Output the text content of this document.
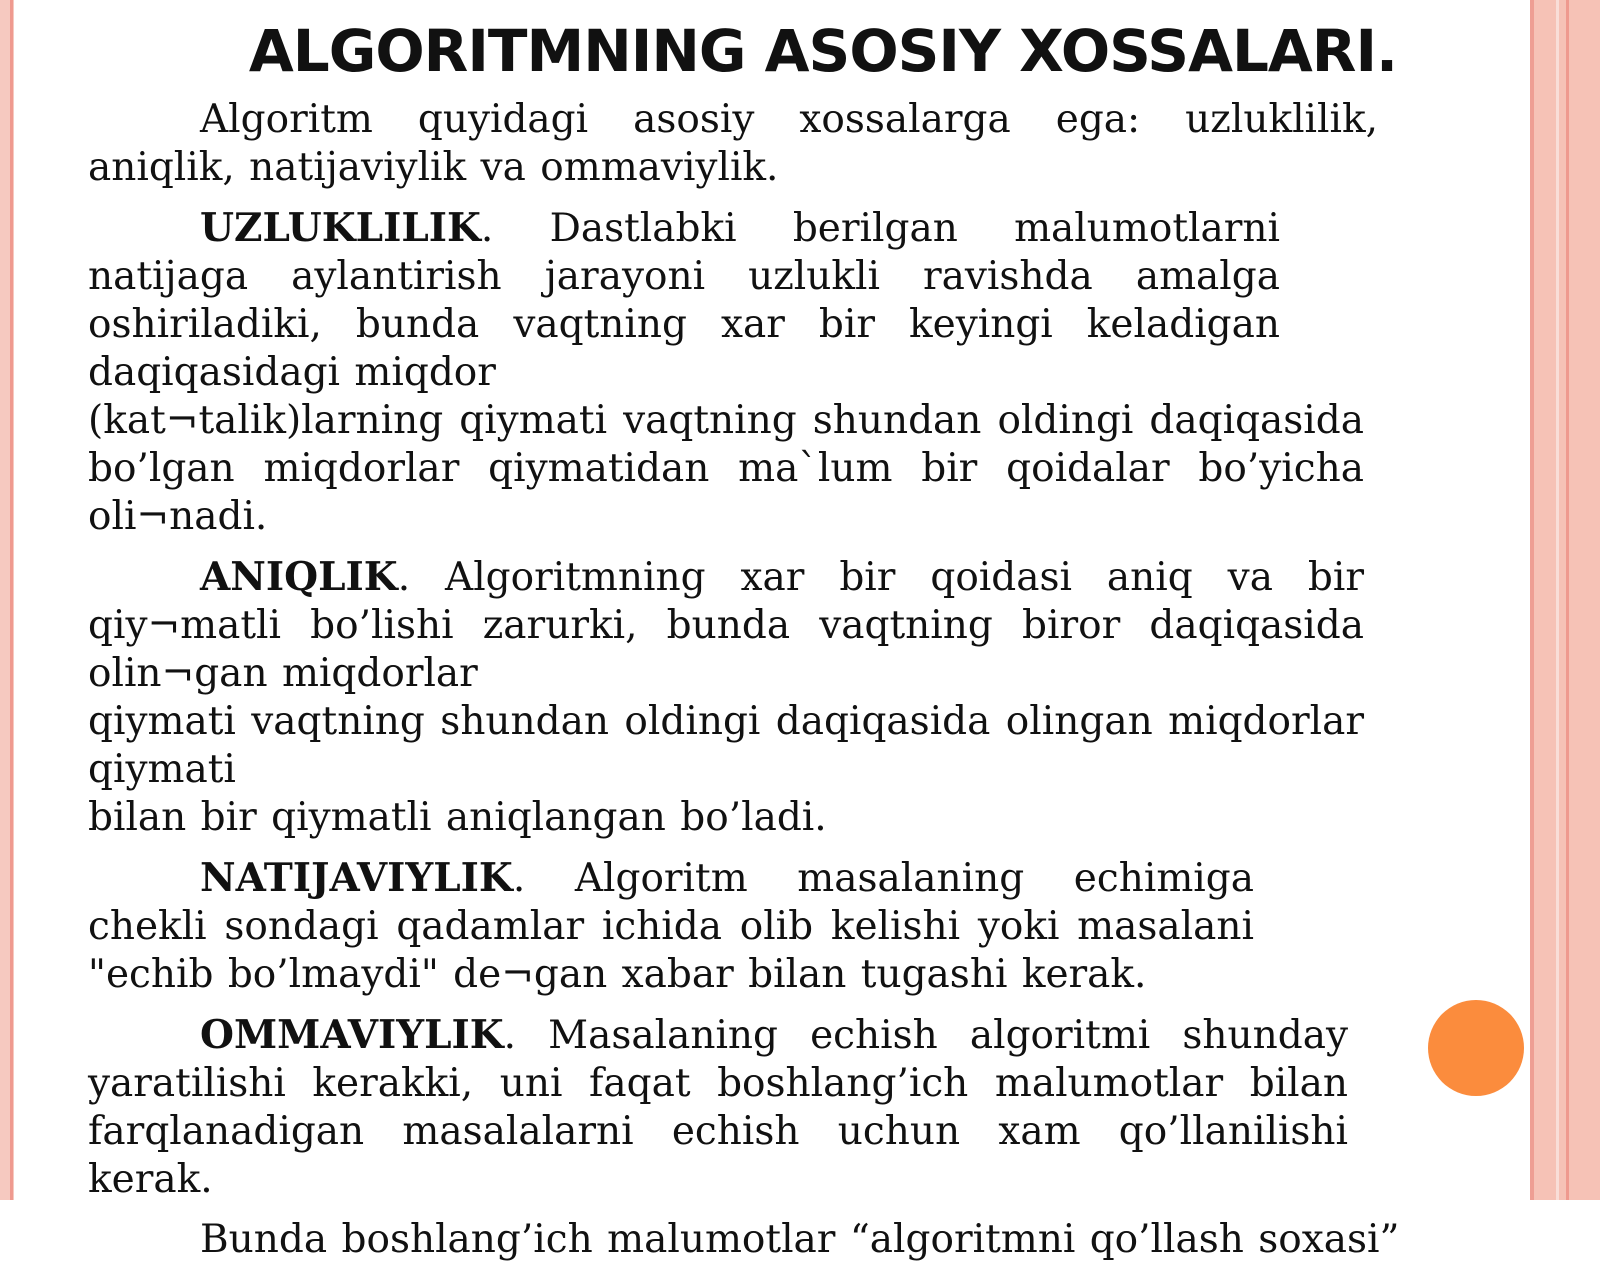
ALGORITMNING ASOSIY XOSSALARI.

Algoritm quyidagi asosiy xossalarga ega: uzluklilik, aniqlik, natijaviylik va ommaviylik.

UZLUKLILIK. Dastlabki berilgan malumotlarni natijaga aylantirish jarayoni uzlukli ravishda amalga oshiriladiki, bunda vaqtning xar bir keyingi keladigan daqiqasidagi miqdor

(kat¬talik)larning qiymati vaqtning shundan oldingi daqiqasida bo’lgan miqdorlar qiymatidan ma`lum bir qoidalar bo’yicha oli¬nadi.

ANIQLIK. Algoritmning xar bir qoidasi aniq va bir qiy¬matli bo’lishi zarurki, bunda vaqtning biror daqiqasida olin¬gan miqdorlar

qiymati vaqtning shundan oldingi daqiqasida olingan miqdorlar qiymati

bilan bir qiymatli aniqlangan bo’ladi.

NATIJAVIYLIK. Algoritm masalaning echimiga chekli sondagi qadamlar ichida olib kelishi yoki masalani "echib bo’lmaydi" de¬gan xabar bilan tugashi kerak.

OMMAVIYLIK. Masalaning echish algoritmi shunday yaratilishi kerakki, uni faqat boshlang’ich malumotlar bilan farqlanadigan masalalarni echish uchun xam qo’llanilishi kerak.

Bunda boshlang’ich malumotlar “algoritmni qo’llash soxasi”
